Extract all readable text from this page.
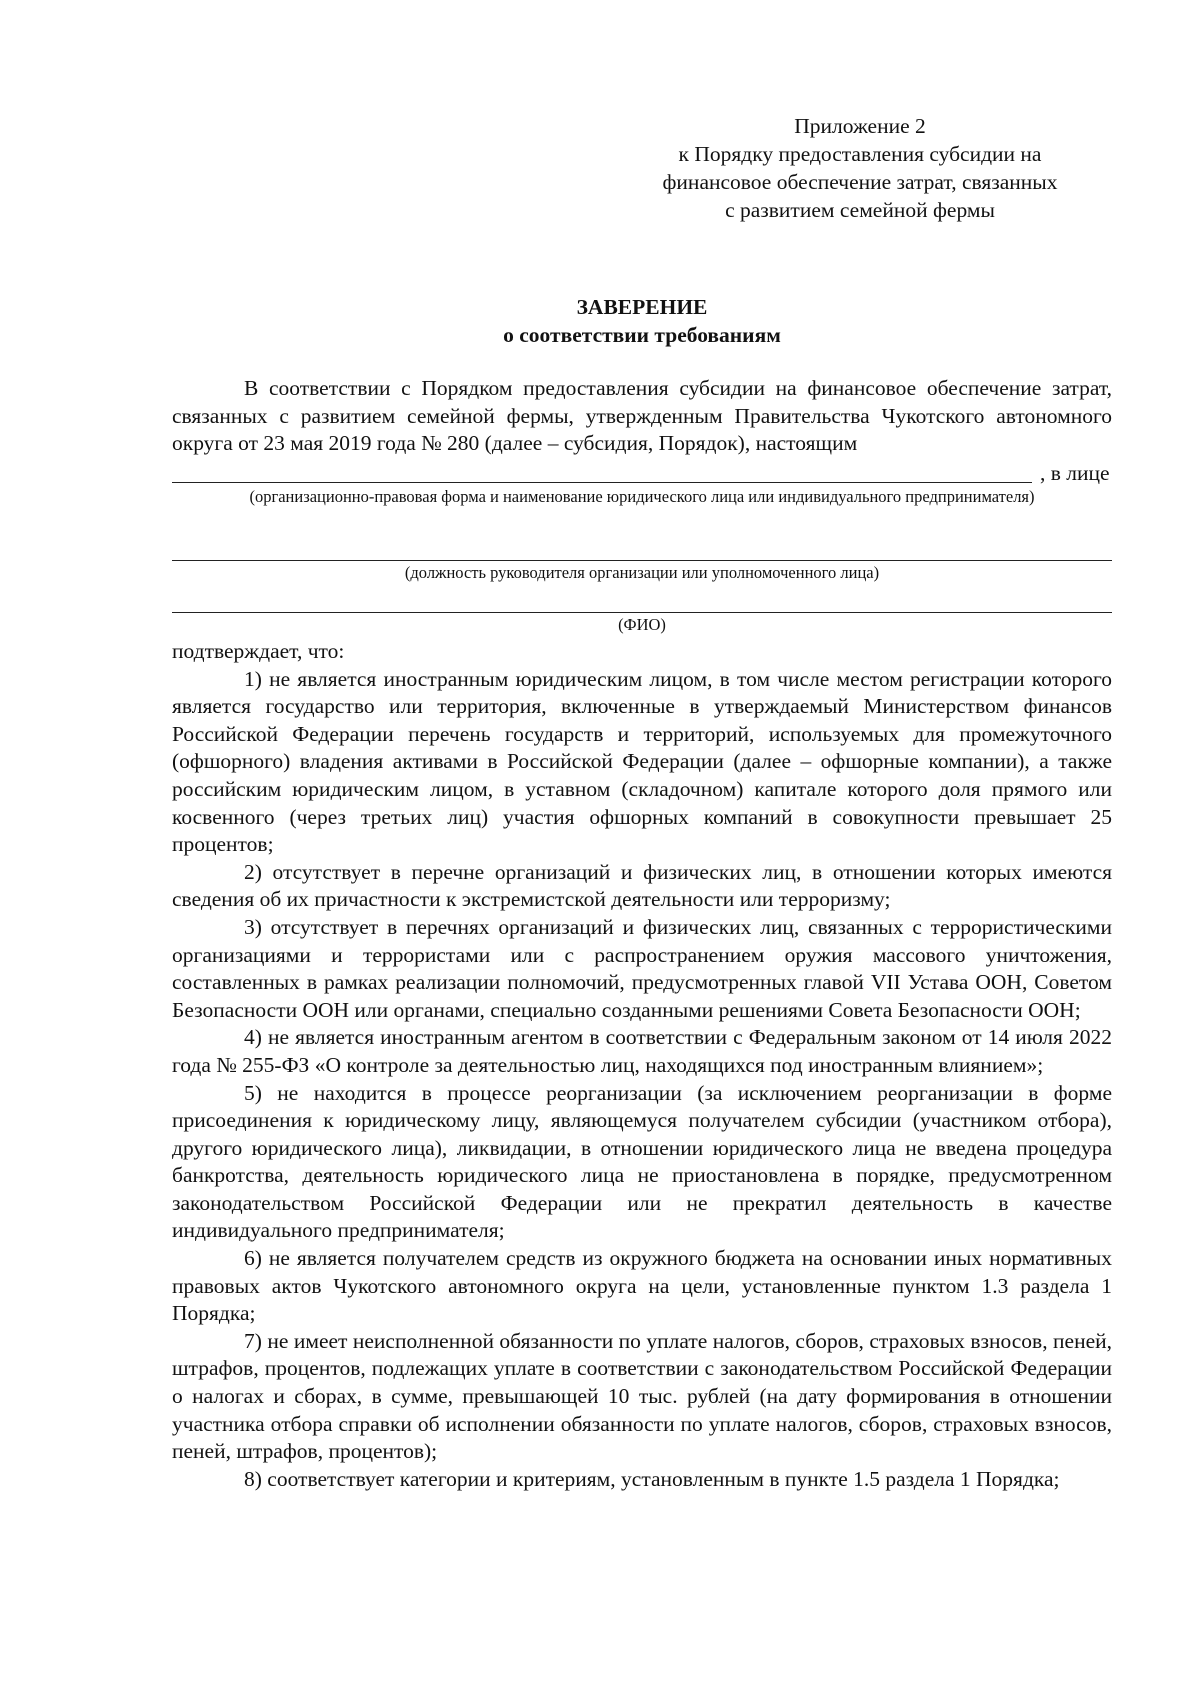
Приложение 2
к Порядку предоставления субсидии на
финансовое обеспечение затрат, связанных
с развитием семейной фермы
ЗАВЕРЕНИЕ
о соответствии требованиям

В соответствии с Порядком предоставления субсидии на финансовое обеспечение затрат, связанных с развитием семейной фермы, утвержденным Правительства Чукотского автономного округа от 23 мая 2019 года № 280 (далее – субсидия, Порядок), настоящим

, в лице
(организационно-правовая форма и наименование юридического лица или индивидуального предпринимателя)
(должность руководителя организации или уполномоченного лица)
(ФИО)

подтверждает, что:

1) не является иностранным юридическим лицом, в том числе местом регистрации которого является государство или территория, включенные в утверждаемый Министерством финансов Российской Федерации перечень государств и территорий, используемых для промежуточного (офшорного) владения активами в Российской Федерации (далее – офшорные компании), а также российским юридическим лицом, в уставном (складочном) капитале которого доля прямого или косвенного (через третьих лиц) участия офшорных компаний в совокупности превышает 25 процентов;

2) отсутствует в перечне организаций и физических лиц, в отношении которых имеются сведения об их причастности к экстремистской деятельности или терроризму;

3) отсутствует в перечнях организаций и физических лиц, связанных с террористическими организациями и террористами или с распространением оружия массового уничтожения, составленных в рамках реализации полномочий, предусмотренных главой VII Устава ООН, Советом Безопасности ООН или органами, специально созданными решениями Совета Безопасности ООН;

4) не является иностранным агентом в соответствии с Федеральным законом от 14 июля 2022 года № 255-ФЗ «О контроле за деятельностью лиц, находящихся под иностранным влиянием»;

5) не находится в процессе реорганизации (за исключением реорганизации в форме присоединения к юридическому лицу, являющемуся получателем субсидии (участником отбора), другого юридического лица), ликвидации, в отношении юридического лица не введена процедура банкротства, деятельность юридического лица не приостановлена в порядке, предусмотренном законодательством Российской Федерации или не прекратил деятельность в качестве индивидуального предпринимателя;

6) не является получателем средств из окружного бюджета на основании иных нормативных правовых актов Чукотского автономного округа на цели, установленные пунктом 1.3 раздела 1 Порядка;

7) не имеет неисполненной обязанности по уплате налогов, сборов, страховых взносов, пеней, штрафов, процентов, подлежащих уплате в соответствии с законодательством Российской Федерации о налогах и сборах, в сумме, превышающей 10 тыс. рублей (на дату формирования в отношении участника отбора справки об исполнении обязанности по уплате налогов, сборов, страховых взносов, пеней, штрафов, процентов);

8) соответствует категории и критериям, установленным в пункте 1.5 раздела 1 Порядка;
